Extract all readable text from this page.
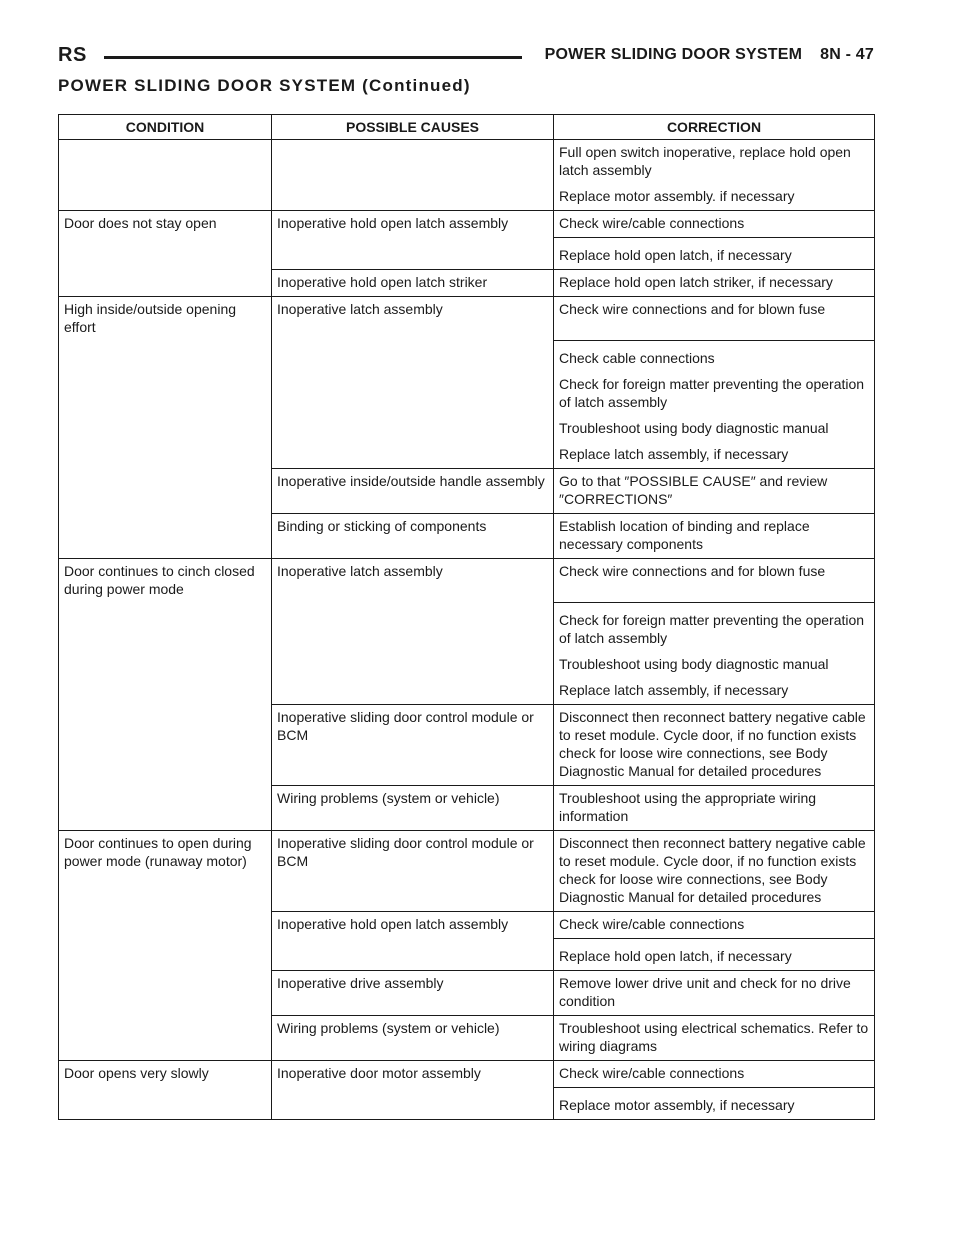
RS	POWER SLIDING DOOR SYSTEM 8N - 47
POWER SLIDING DOOR SYSTEM (Continued)
CONDITION	POSSIBLE CAUSES	CORRECTION
		Full open switch inoperative, replace hold open latch assembly
		Replace motor assembly. if necessary
Door does not stay open	Inoperative hold open latch assembly	Check wire/cable connections
		Replace hold open latch, if necessary
	Inoperative hold open latch striker	Replace hold open latch striker, if necessary
High inside/outside opening effort	Inoperative latch assembly	Check wire connections and for blown fuse
		Check cable connections
		Check for foreign matter preventing the operation of latch assembly
		Troubleshoot using body diagnostic manual
		Replace latch assembly, if necessary
	Inoperative inside/outside handle assembly	Go to that ″POSSIBLE CAUSE″ and review ″CORRECTIONS″
	Binding or sticking of components	Establish location of binding and replace necessary components
Door continues to cinch closed during power mode	Inoperative latch assembly	Check wire connections and for blown fuse
		Check for foreign matter preventing the operation of latch assembly
		Troubleshoot using body diagnostic manual
		Replace latch assembly, if necessary
	Inoperative sliding door control module or BCM	Disconnect then reconnect battery negative cable to reset module. Cycle door, if no function exists check for loose wire connections, see Body Diagnostic Manual for detailed procedures
	Wiring problems (system or vehicle)	Troubleshoot using the appropriate wiring information
Door continues to open during power mode (runaway motor)	Inoperative sliding door control module or BCM	Disconnect then reconnect battery negative cable to reset module. Cycle door, if no function exists check for loose wire connections, see Body Diagnostic Manual for detailed procedures
	Inoperative hold open latch assembly	Check wire/cable connections
		Replace hold open latch, if necessary
	Inoperative drive assembly	Remove lower drive unit and check for no drive condition
	Wiring problems (system or vehicle)	Troubleshoot using electrical schematics. Refer to wiring diagrams
Door opens very slowly	Inoperative door motor assembly	Check wire/cable connections
		Replace motor assembly, if necessary
